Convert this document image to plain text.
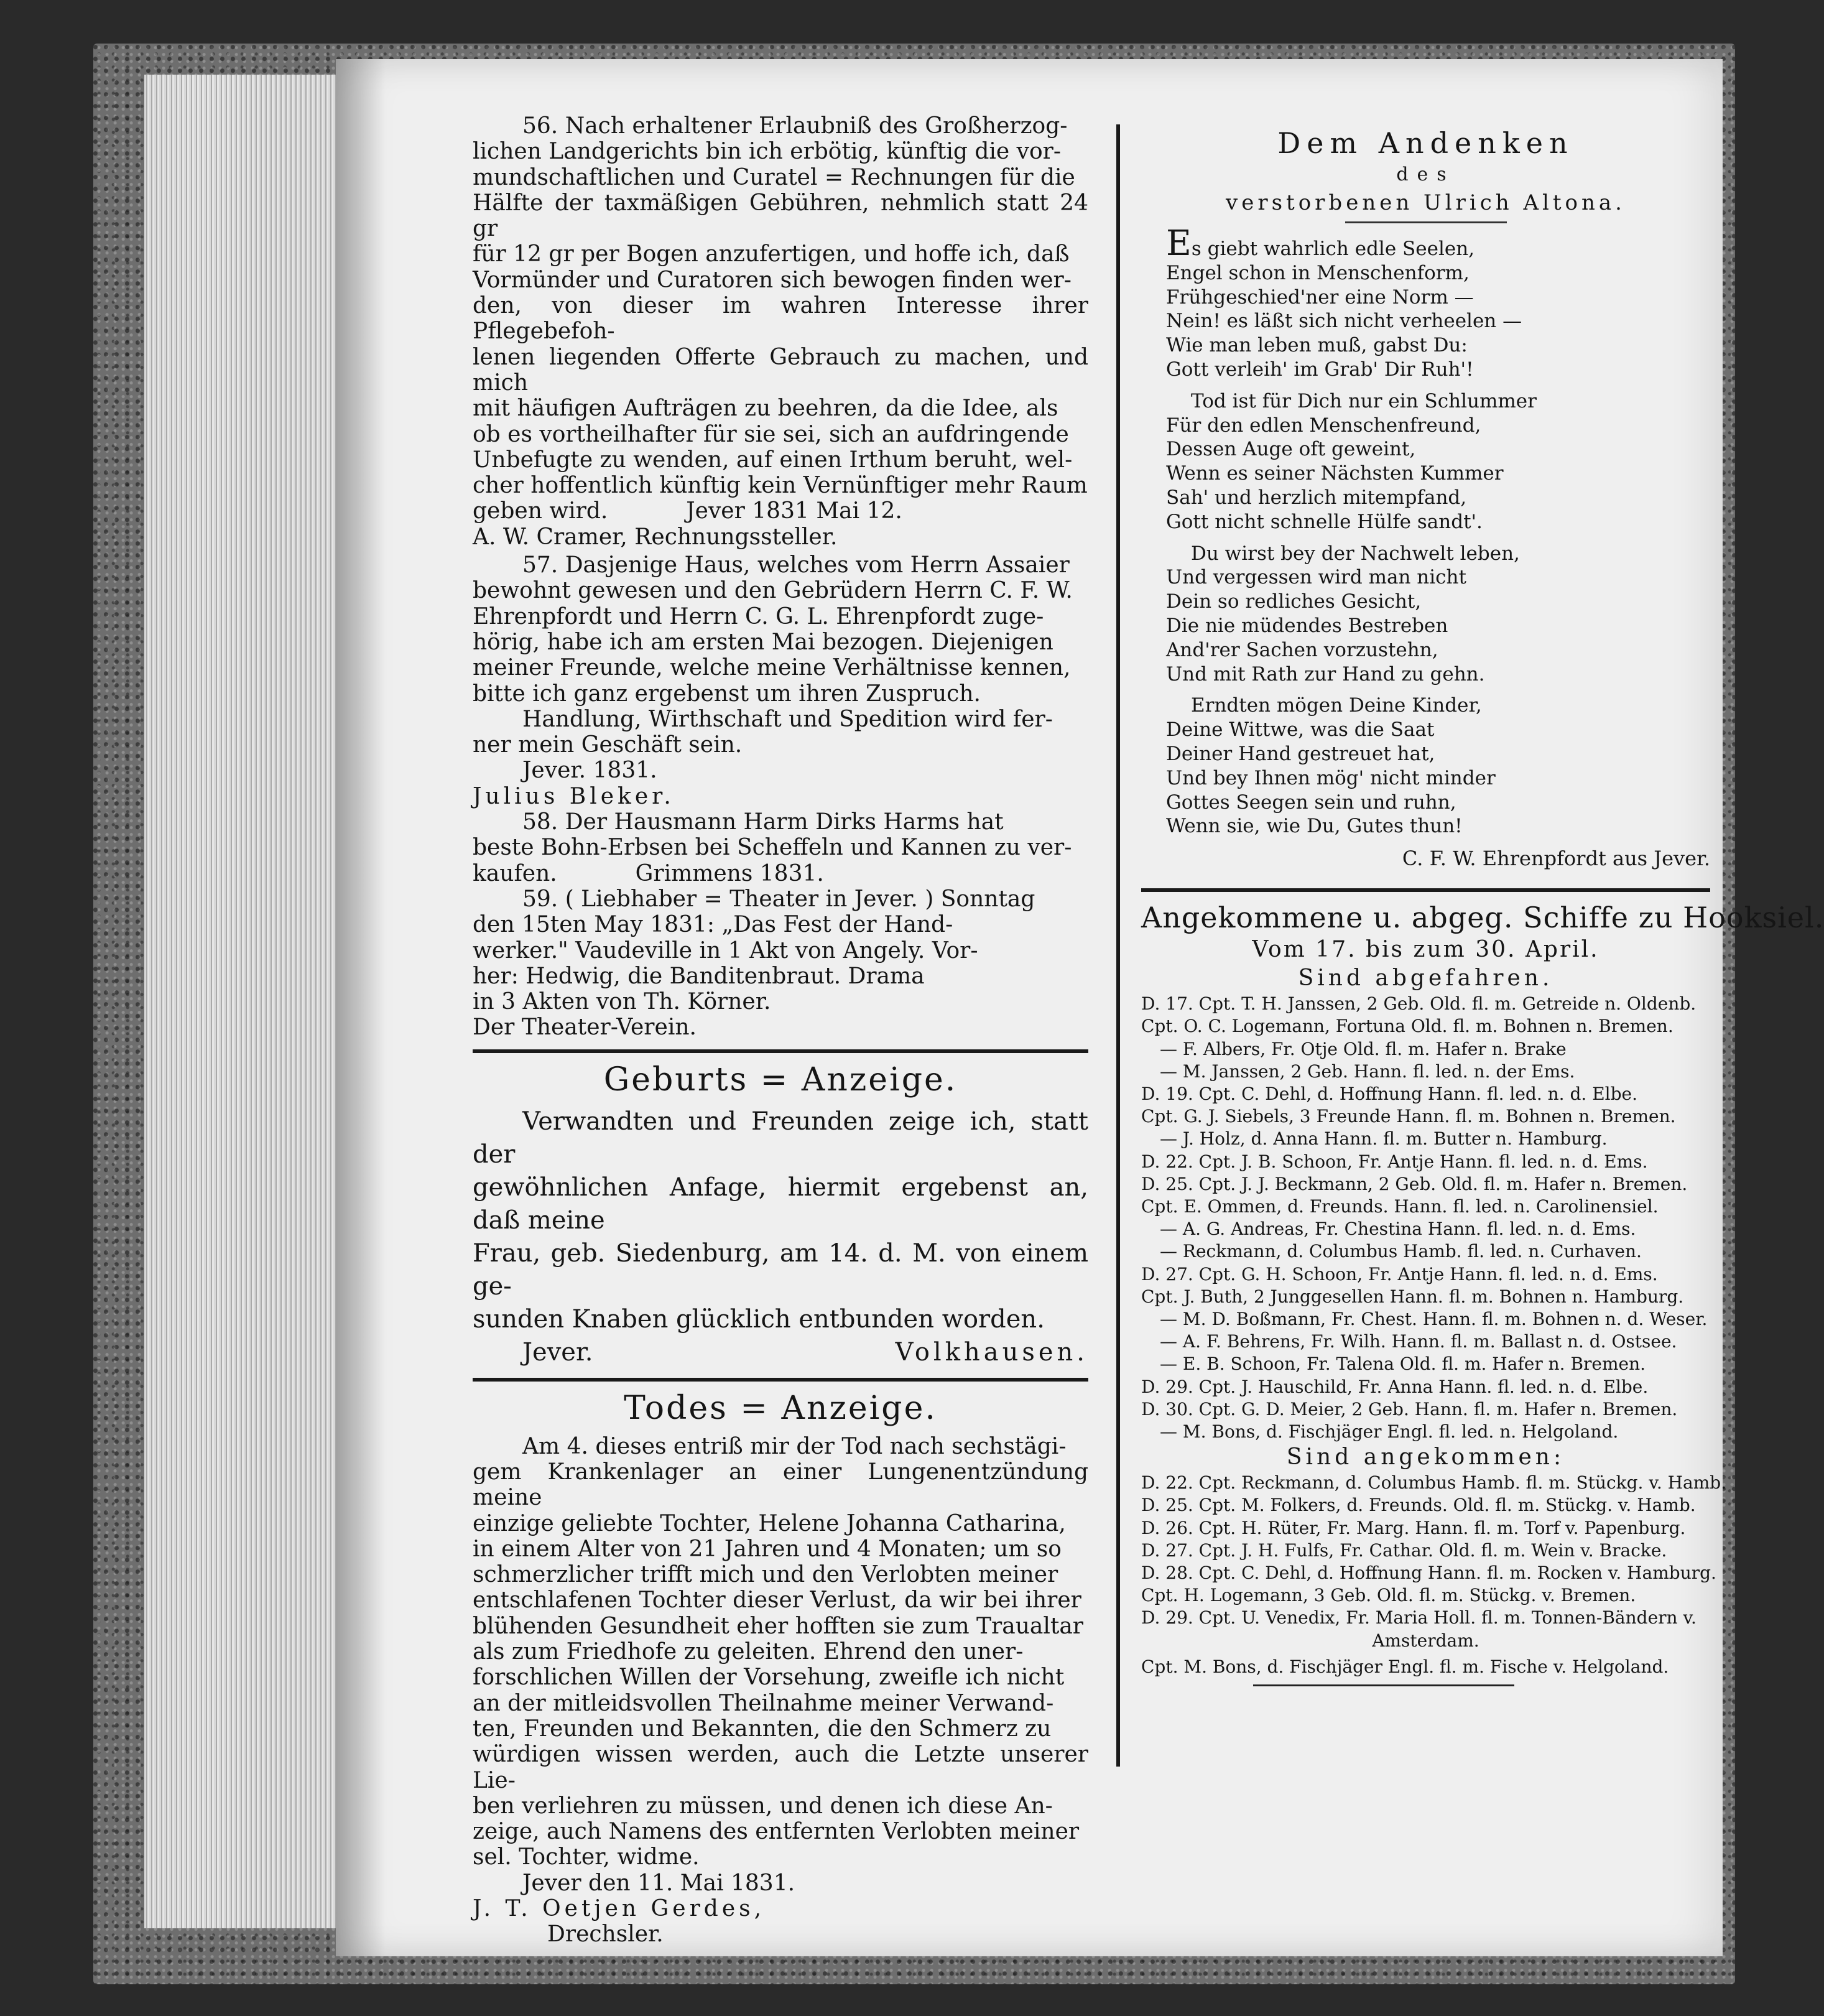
56. Nach erhaltener Erlaubniß des Großherzog-

lichen Landgerichts bin ich erbötig, künftig die vor-

mundschaftlichen und Curatel = Rechnungen für die

Hälfte der taxmäßigen Gebühren, nehmlich statt 24 gr

für 12 gr per Bogen anzufertigen, und hoffe ich, daß

Vormünder und Curatoren sich bewogen finden wer-

den, von dieser im wahren Interesse ihrer Pflegebefoh-

lenen liegenden Offerte Gebrauch zu machen, und mich

mit häufigen Aufträgen zu beehren, da die Idee, als

ob es vortheilhafter für sie sei, sich an aufdringende

Unbefugte zu wenden, auf einen Irthum beruht, wel-

cher hoffentlich künftig kein Vernünftiger mehr Raum

geben wird.           Jever 1831 Mai 12.

A. W. Cramer, Rechnungssteller.

57. Dasjenige Haus, welches vom Herrn Assaier

bewohnt gewesen und den Gebrüdern Herrn C. F. W.

Ehrenpfordt und Herrn C. G. L. Ehrenpfordt zuge-

hörig, habe ich am ersten Mai bezogen. Diejenigen

meiner Freunde, welche meine Verhältnisse kennen,

bitte ich ganz ergebenst um ihren Zuspruch.

Handlung, Wirthschaft und Spedition wird fer-

ner mein Geschäft sein.

Jever. 1831.

Julius Bleker.

58. Der Hausmann Harm Dirks Harms hat

beste Bohn-Erbsen bei Scheffeln und Kannen zu ver-

kaufen.           Grimmens 1831.

59. ( Liebhaber = Theater in Jever. ) Sonntag

den 15ten May 1831: „Das Fest der Hand-

werker." Vaudeville in 1 Akt von Angely. Vor-

her: Hedwig, die Banditenbraut. Drama

in 3 Akten von Th. Körner.

Der Theater-Verein.

Geburts = Anzeige.

Verwandten und Freunden zeige ich, statt der

gewöhnlichen Anfage, hiermit ergebenst an, daß meine

Frau, geb. Siedenburg, am 14. d. M. von einem ge-

sunden Knaben glücklich entbunden worden.

Jever.	Volkhausen.
Todes = Anzeige.

Am 4. dieses entriß mir der Tod nach sechstägi-

gem Krankenlager an einer Lungenentzündung meine

einzige geliebte Tochter, Helene Johanna Catharina,

in einem Alter von 21 Jahren und 4 Monaten; um so

schmerzlicher trifft mich und den Verlobten meiner

entschlafenen Tochter dieser Verlust, da wir bei ihrer

blühenden Gesundheit eher hofften sie zum Traualtar

als zum Friedhofe zu geleiten. Ehrend den uner-

forschlichen Willen der Vorsehung, zweifle ich nicht

an der mitleidsvollen Theilnahme meiner Verwand-

ten, Freunden und Bekannten, die den Schmerz zu

würdigen wissen werden, auch die Letzte unserer Lie-

ben verliehren zu müssen, und denen ich diese An-

zeige, auch Namens des entfernten Verlobten meiner

sel. Tochter, widme.

Jever den 11. Mai 1831.

J. T. Oetjen Gerdes,

Drechsler.

Dem Andenken
des
verstorbenen Ulrich Altona.
Es giebt wahrlich edle Seelen,
Engel schon in Menschenform,
Frühgeschied'ner eine Norm —
Nein! es läßt sich nicht verheelen —
Wie man leben muß, gabst Du:
Gott verleih' im Grab' Dir Ruh'!
Tod ist für Dich nur ein Schlummer
Für den edlen Menschenfreund,
Dessen Auge oft geweint,
Wenn es seiner Nächsten Kummer
Sah' und herzlich mitempfand,
Gott nicht schnelle Hülfe sandt'.
Du wirst bey der Nachwelt leben,
Und vergessen wird man nicht
Dein so redliches Gesicht,
Die nie müdendes Bestreben
And'rer Sachen vorzustehn,
Und mit Rath zur Hand zu gehn.
Erndten mögen Deine Kinder,
Deine Wittwe, was die Saat
Deiner Hand gestreuet hat,
Und bey Ihnen mög' nicht minder
Gottes Seegen sein und ruhn,
Wenn sie, wie Du, Gutes thun!
C. F. W. Ehrenpfordt aus Jever.
Angekommene u. abgeg. Schiffe zu Hooksiel.
Vom 17. bis zum 30. April.
Sind abgefahren.
D. 17. Cpt. T. H. Janssen, 2 Geb. Old. fl. m. Getreide n. Oldenb.
Cpt. O. C. Logemann, Fortuna Old. fl. m. Bohnen n. Bremen.
— F. Albers, Fr. Otje Old. fl. m. Hafer n. Brake
— M. Janssen, 2 Geb. Hann. fl. led. n. der Ems.
D. 19. Cpt. C. Dehl, d. Hoffnung Hann. fl. led. n. d. Elbe.
Cpt. G. J. Siebels, 3 Freunde Hann. fl. m. Bohnen n. Bremen.
— J. Holz, d. Anna Hann. fl. m. Butter n. Hamburg.
D. 22. Cpt. J. B. Schoon, Fr. Antje Hann. fl. led. n. d. Ems.
D. 25. Cpt. J. J. Beckmann, 2 Geb. Old. fl. m. Hafer n. Bremen.
Cpt. E. Ommen, d. Freunds. Hann. fl. led. n. Carolinensiel.
— A. G. Andreas, Fr. Chestina Hann. fl. led. n. d. Ems.
— Reckmann, d. Columbus Hamb. fl. led. n. Curhaven.
D. 27. Cpt. G. H. Schoon, Fr. Antje Hann. fl. led. n. d. Ems.
Cpt. J. Buth, 2 Junggesellen Hann. fl. m. Bohnen n. Hamburg.
— M. D. Boßmann, Fr. Chest. Hann. fl. m. Bohnen n. d. Weser.
— A. F. Behrens, Fr. Wilh. Hann. fl. m. Ballast n. d. Ostsee.
— E. B. Schoon, Fr. Talena Old. fl. m. Hafer n. Bremen.
D. 29. Cpt. J. Hauschild, Fr. Anna Hann. fl. led. n. d. Elbe.
D. 30. Cpt. G. D. Meier, 2 Geb. Hann. fl. m. Hafer n. Bremen.
— M. Bons, d. Fischjäger Engl. fl. led. n. Helgoland.
Sind angekommen:
D. 22. Cpt. Reckmann, d. Columbus Hamb. fl. m. Stückg. v. Hamb.
D. 25. Cpt. M. Folkers, d. Freunds. Old. fl. m. Stückg. v. Hamb.
D. 26. Cpt. H. Rüter, Fr. Marg. Hann. fl. m. Torf v. Papenburg.
D. 27. Cpt. J. H. Fulfs, Fr. Cathar. Old. fl. m. Wein v. Bracke.
D. 28. Cpt. C. Dehl, d. Hoffnung Hann. fl. m. Rocken v. Hamburg.
Cpt. H. Logemann, 3 Geb. Old. fl. m. Stückg. v. Bremen.
D. 29. Cpt. U. Venedix, Fr. Maria Holl. fl. m. Tonnen-Bändern v.
Amsterdam.
Cpt. M. Bons, d. Fischjäger Engl. fl. m. Fische v. Helgoland.
